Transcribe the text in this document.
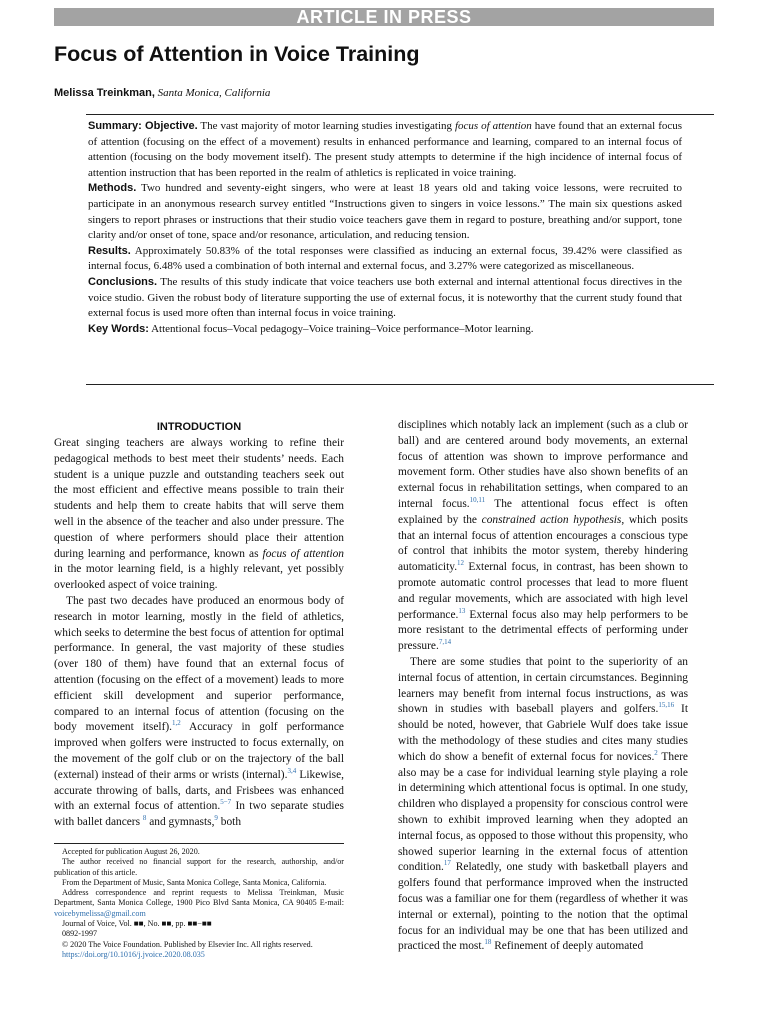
ARTICLE IN PRESS
Focus of Attention in Voice Training
Melissa Treinkman, Santa Monica, California

Summary: Objective. The vast majority of motor learning studies investigating focus of attention have found that an external focus of attention (focusing on the effect of a movement) results in enhanced performance and learning, compared to an internal focus of attention (focusing on the body movement itself). The present study attempts to determine if the high incidence of internal focus of attention instruction that has been reported in the realm of athletics is replicated in voice training.

Methods. Two hundred and seventy-eight singers, who were at least 18 years old and taking voice lessons, were recruited to participate in an anonymous research survey entitled “Instructions given to singers in voice lessons.” The main six questions asked singers to report phrases or instructions that their studio voice teachers gave them in regard to posture, breathing and/or support, tone clarity and/or onset of tone, space and/or resonance, articulation, and reducing tension.

Results. Approximately 50.83% of the total responses were classified as inducing an external focus, 39.42% were classified as internal focus, 6.48% used a combination of both internal and external focus, and 3.27% were categorized as miscellaneous.

Conclusions. The results of this study indicate that voice teachers use both external and internal attentional focus directives in the voice studio. Given the robust body of literature supporting the use of external focus, it is noteworthy that the current study found that external focus is used more often than internal focus in voice training.

Key Words: Attentional focus–Vocal pedagogy–Voice training–Voice performance–Motor learning.

INTRODUCTION

Great singing teachers are always working to refine their pedagogical methods to best meet their students’ needs. Each student is a unique puzzle and outstanding teachers seek out the most efficient and effective means possible to train their students and help them to create habits that will serve them well in the absence of the teacher and also under pressure. The question of where performers should place their attention during learning and performance, known as focus of attention in the motor learning field, is a highly relevant, yet possibly overlooked aspect of voice training.

The past two decades have produced an enormous body of research in motor learning, mostly in the field of athletics, which seeks to determine the best focus of attention for optimal performance. In general, the vast majority of these studies (over 180 of them) have found that an external focus of attention (focusing on the effect of a movement) leads to more efficient skill development and superior performance, compared to an internal focus of attention (focusing on the body movement itself).$^{1,2}$ Accuracy in golf performance improved when golfers were instructed to focus externally, on the movement of the golf club or on the trajectory of the ball (external) instead of their arms or wrists (internal).$^{3,4}$ Likewise, accurate throwing of balls, darts, and Frisbees was enhanced with an external focus of attention.$^{5-7}$ In two separate studies with ballet dancers $^8$ and gymnasts,$^9$ both

Accepted for publication August 26, 2020.

The author received no financial support for the research, authorship, and/or publication of this article.

From the Department of Music, Santa Monica College, Santa Monica, California.

Address correspondence and reprint requests to Melissa Treinkman, Music Department, Santa Monica College, 1900 Pico Blvd Santa Monica, CA 90405 E-mail: voicebymelissa@gmail.com

Journal of Voice, Vol. ■■, No. ■■, pp. ■■−■■

0892-1997

© 2020 The Voice Foundation. Published by Elsevier Inc. All rights reserved.

https://doi.org/10.1016/j.jvoice.2020.08.035

disciplines which notably lack an implement (such as a club or ball) and are centered around body movements, an external focus of attention was shown to improve performance and movement form. Other studies have also shown benefits of an external focus in rehabilitation settings, when compared to an internal focus.$^{10,11}$ The attentional focus effect is often explained by the constrained action hypothesis, which posits that an internal focus of attention encourages a conscious type of control that inhibits the motor system, thereby hindering automaticity.$^{12}$ External focus, in contrast, has been shown to promote automatic control processes that lead to more fluent and regular movements, which are associated with high level performance.$^{13}$ External focus also may help performers to be more resistant to the detrimental effects of performing under pressure.$^{7,14}$

There are some studies that point to the superiority of an internal focus of attention, in certain circumstances. Beginning learners may benefit from internal focus instructions, as was shown in studies with baseball players and golfers.$^{15,16}$ It should be noted, however, that Gabriele Wulf does take issue with the methodology of these studies and cites many studies which do show a benefit of external focus for novices.$^2$ There also may be a case for individual learning style playing a role in determining which attentional focus is optimal. In one study, children who displayed a propensity for conscious control were shown to exhibit improved learning when they adopted an internal focus, as opposed to those without this propensity, who showed superior learning in the external focus of attention condition.$^{17}$ Relatedly, one study with basketball players and golfers found that performance improved when the instructed focus was a familiar one for them (regardless of whether it was internal or external), pointing to the notion that the optimal focus for an individual may be one that has been utilized and practiced the most.$^{18}$ Refinement of deeply automated
